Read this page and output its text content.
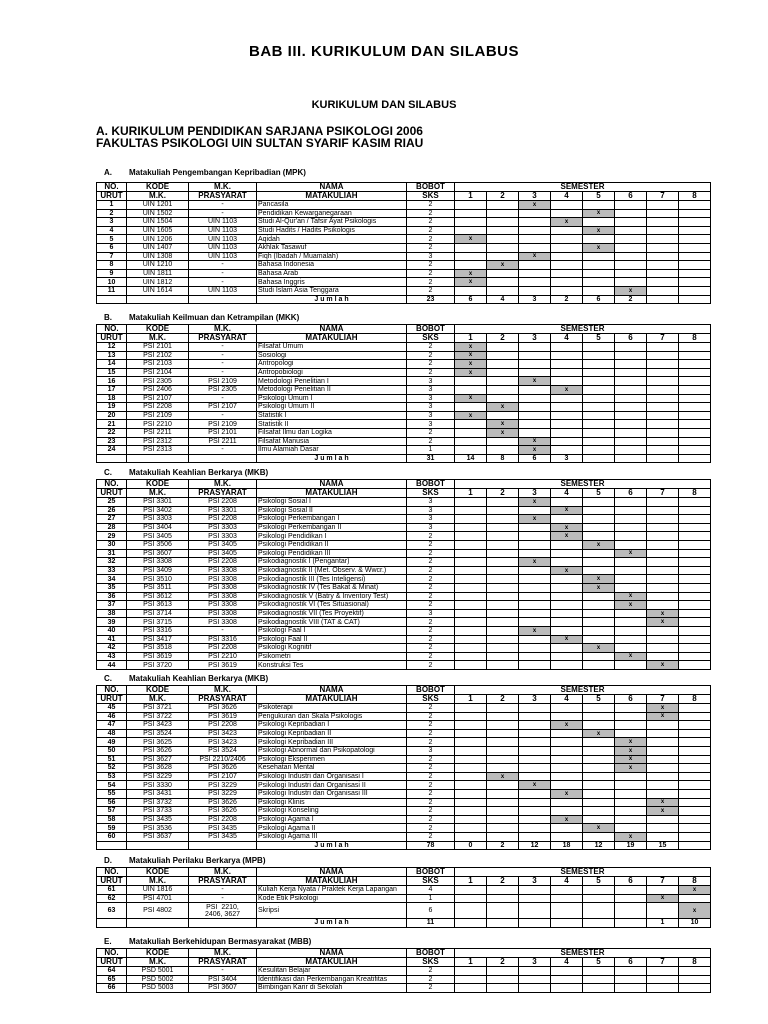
BAB III. KURIKULUM DAN SILABUS
KURIKULUM DAN SILABUS
A. KURIKULUM PENDIDIKAN SARJANA PSIKOLOGI 2006
FAKULTAS PSIKOLOGI UIN SULTAN SYARIF KASIM RIAU
A. Matakuliah Pengembangan Kepribadian (MPK)
NO.	KODE	M.K.	NAMA	BOBOT	SEMESTER							
URUT	M.K.	PRASYARAT	MATAKULIAH	SKS	1	2	3	4	5	6	7	8
1	UIN 1201	-	Pancasila	2			x					
2	UIN 1502	-	Pendidikan Kewarganegaraan	2					x			
3	UIN 1504	UIN 1103	Studi Al-Qur'an / Tafsir Ayat Psikologis	2				x				
4	UIN 1605	UIN 1103	Studi Hadits / Hadits Psikologis	2					x			
5	UIN 1206	UIN 1103	Aqidah	2	x							
6	UIN 1407	UIN 1103	Akhlak Tasawuf	2					x			
7	UIN 1308	UIN 1103	Fiqh (Ibadah / Muamalah)	3			x					
8	UIN 1210	-	Bahasa Indonesia	2		x						
9	UIN 1811	-	Bahasa Arab	2	x							
10	UIN 1812	-	Bahasa Inggris	2	x							
11	UIN 1614	UIN 1103	Studi Islam Asia Tenggara	2						x		
			J u m l a h	23	6	4	3	2	6	2		
B. Matakuliah Keilmuan dan Ketrampilan (MKK)
NO.	KODE	M.K.	NAMA	BOBOT	SEMESTER							
URUT	M.K.	PRASYARAT	MATAKULIAH	SKS	1	2	3	4	5	6	7	8
12	PSI 2101	-	Filsafat Umum	2	x							
13	PSI 2102	-	Sosiologi	2	x							
14	PSI 2103	-	Antropologi	2	x							
15	PSI 2104	-	Antropobiologi	2	x							
16	PSI 2305	PSI 2109	Metodologi Penelitian I	3			x					
17	PSI 2406	PSI 2305	Metodologi Penelitian II	3				x				
18	PSI 2107	-	Psikologi Umum I	3	x							
19	PSI 2208	PSI 2107	Psikologi Umum II	3		x						
20	PSI 2109	-	Statistik I	3	x							
21	PSI 2210	PSI 2109	Statistik II	3		x						
22	PSI 2211	PSI 2101	Filsafat Ilmu dan Logika	2		x						
23	PSI 2312	PSI 2211	Filsafat Manusia	2			x					
24	PSI 2313	-	Ilmu Alamiah Dasar	1			x					
			J u m l a h	31	14	8	6	3				
C. Matakuliah Keahlian Berkarya (MKB)
NO.	KODE	M.K.	NAMA	BOBOT	SEMESTER							
URUT	M.K.	PRASYARAT	MATAKULIAH	SKS	1	2	3	4	5	6	7	8
25	PSI 3301	PSI 2208	Psikologi Sosial I	3			x					
26	PSI 3402	PSI 3301	Psikologi Sosial II	3				x				
27	PSI 3303	PSI 2208	Psikologi Perkembangan I	3			x					
28	PSI 3404	PSI 3303	Psikologi Perkembangan II	3				x				
29	PSI 3405	PSI 3303	Psikologi Pendidikan I	2				x				
30	PSI 3506	PSI 3405	Psikologi Pendidikan II	2					x			
31	PSI 3607	PSI 3405	Psikologi Pendidikan III	2						x		
32	PSI 3308	PSI 2208	Psikodiagnostik I (Pengantar)	2			x					
33	PSI 3409	PSI 3308	Psikodiagnostik II (Met. Observ. & Wwcr.)	2				x				
34	PSI 3510	PSI 3308	Psikodiagnostik III (Tes Inteligensi)	2					x			
35	PSI 3511	PSI 3308	Psikodiagnostik IV (Tes Bakat & Minat)	2					x			
36	PSI 3612	PSI 3308	Psikodiagnostik V (Batry & Inventory Test)	2						x		
37	PSI 3613	PSI 3308	Psikodiagnostik VI (Tes Situasional)	2						x		
38	PSI 3714	PSI 3308	Psikodiagnostik VII (Tes Proyektif)	3							x	
39	PSI 3715	PSI 3308	Psikodiagnostik VIII (TAT & CAT)	2							x	
40	PSI 3316	-	Psikologi Faal I	2			x					
41	PSI 3417	PSI 3316	Psikologi Faal II	2				x				
42	PSI 3518	PSI 2208	Psikologi Kognitif	2					x			
43	PSI 3619	PSI 2210	Psikometri	2						x		
44	PSI 3720	PSI 3619	Konstruksi Tes	2							x	
C. Matakuliah Keahlian Berkarya (MKB)
NO.	KODE	M.K.	NAMA	BOBOT	SEMESTER							
URUT	M.K.	PRASYARAT	MATAKULIAH	SKS	1	2	3	4	5	6	7	8
45	PSI 3721	PSI 3626	Psikoterapi	2							x	
46	PSI 3722	PSI 3619	Pengukuran dan Skala Psikologis	2							x	
47	PSI 3423	PSI 2208	Psikologi Kepribadian I	2				x				
48	PSI 3524	PSI 3423	Psikologi Kepribadian II	2					x			
49	PSI 3625	PSI 3423	Psikologi Kepribadian III	2						x		
50	PSI 3626	PSI 3524	Psikologi Abnormal dan Psikopatologi	3						x		
51	PSI 3627	PSI 2210/2406	Psikologi Eksperimen	2						x		
52	PSI 3628	PSI 3626	Kesehatan Mental	2						x		
53	PSI 3229	PSI 2107	Psikologi Industri dan Organisasi I	2		x						
54	PSI 3330	PSI 3229	Psikologi Industri dan Organisasi II	2			x					
55	PSI 3431	PSI 3229	Psikologi Industri dan Organisasi III	2				x				
56	PSI 3732	PSI 3626	Psikologi Klinis	2							x	
57	PSI 3733	PSI 3626	Psikologi Konseling	2							x	
58	PSI 3435	PSI 2208	Psikologi Agama I	2				x				
59	PSI 3536	PSI 3435	Psikologi Agama II	2					x			
60	PSI 3637	PSI 3435	Psikologi Agama III	2						x		
			J u m l a h	78	0	2	12	18	12	19	15	
D. Matakuliah Perilaku Berkarya (MPB)
NO.	KODE	M.K.	NAMA	BOBOT	SEMESTER							
URUT	M.K.	PRASYARAT	MATAKULIAH	SKS	1	2	3	4	5	6	7	8
61	UIN 1816	-	Kuliah Kerja Nyata / Praktek Kerja Lapangan	4								x
62	PSI 4701	-	Kode Etik Psikologi	1							x	
63	PSI 4802	PSI  2210,
2406, 3627	Skripsi	6								x
			J u m l a h	11							1	10
E. Matakuliah Berkehidupan Bermasyarakat (MBB)
NO.	KODE	M.K.	NAMA	BOBOT	SEMESTER							
URUT	M.K.	PRASYARAT	MATAKULIAH	SKS	1	2	3	4	5	6	7	8
64	PSD 5001	-	Kesulitan Belajar	2								
65	PSD 5002	PSI 3404	Identifikasi dan Perkembangan Kreatifitas	2								
66	PSD 5003	PSI 3607	Bimbingan Karir di Sekolah	2								
